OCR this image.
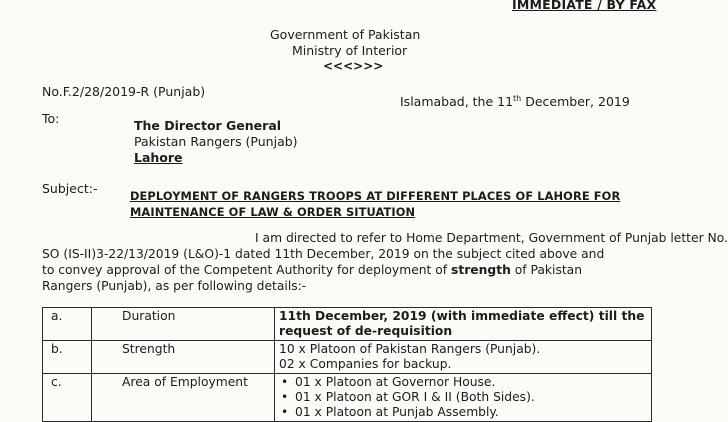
IMMEDIATE / BY FAX
Government of Pakistan
Ministry of Interior
<<<>>>
No.F.2/28/2019-R (Punjab)
Islamabad, the 11th December, 2019
To:	The Director General
Pakistan Rangers (Punjab)
Lahore
Subject:-	DEPLOYMENT OF RANGERS TROOPS AT DIFFERENT PLACES OF LAHORE FOR
MAINTENANCE OF LAW & ORDER SITUATION
I am directed to refer to Home Department, Government of Punjab letter No.
SO (IS-II)3-22/13/2019 (L&O)-1 dated 11th December, 2019 on the subject cited above and
to convey approval of the Competent Authority for deployment of strength of Pakistan
Rangers (Punjab), as per following details:-
a.	Duration	11th December, 2019 (with immediate effect) till the
request of de-requisition

b.	Strength	10 x Platoon of Pakistan Rangers (Punjab).
02 x Companies for backup.

c.	Area of Employment	• 01 x Platoon at Governor House.
• 01 x Platoon at GOR I & II (Both Sides).
• 01 x Platoon at Punjab Assembly.
